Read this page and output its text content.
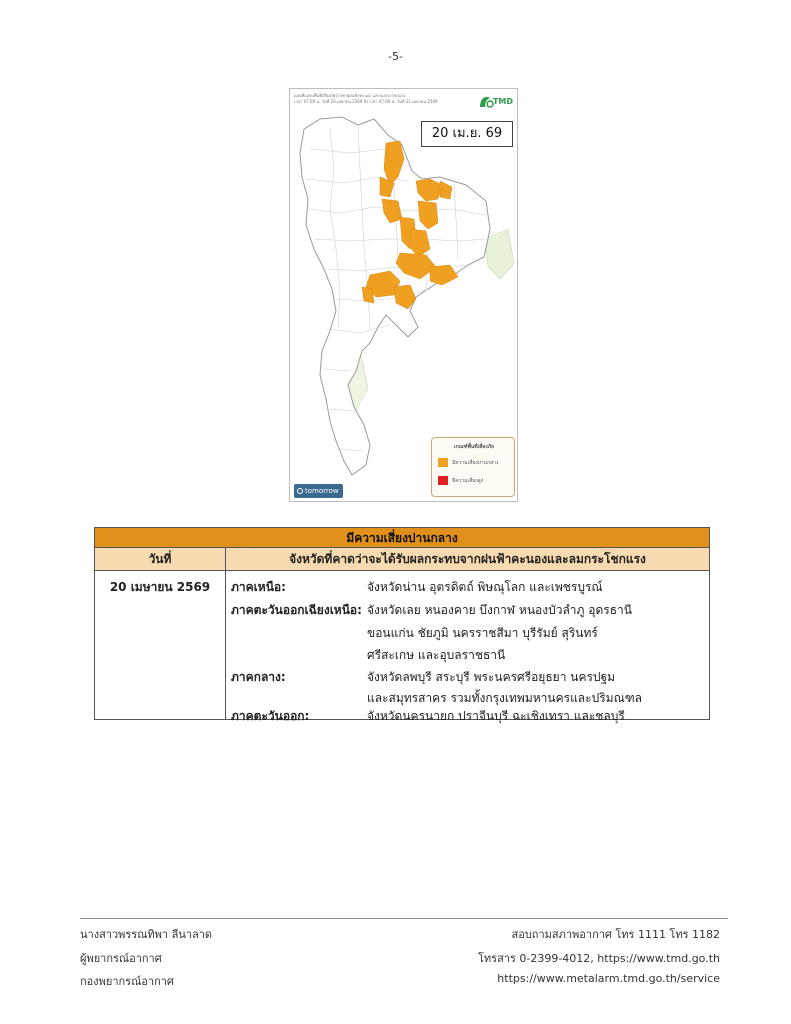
-5-
แผนที่แสดงพื้นที่เสี่ยงภัยจากพายุฝนฟ้าคะนอง และลมกระโชกแรง
เวลา 07:00 น. วันที่ 20 เมษายน 2569 ถึง เวลา 07:00 น. วันที่ 21 เมษายน 2569	TMD
20 เม.ย. 69
เกณฑ์พื้นที่เสี่ยงภัย
มีความเสี่ยงปานกลาง
มีความเสี่ยงสูง
tomorrow
มีความเสี่ยงปานกลาง
วันที่	จังหวัดที่คาดว่าจะได้รับผลกระทบจากฝนฟ้าคะนองและลมกระโชกแรง
20 เมษายน 2569	ภาคเหนือ:	จังหวัดน่าน อุตรดิตถ์ พิษณุโลก และเพชรบูรณ์
ภาคตะวันออกเฉียงเหนือ: จังหวัดเลย หนองคาย บึงกาฬ หนองบัวลำภู อุดรธานี
ขอนแก่น ชัยภูมิ นครราชสีมา บุรีรัมย์ สุรินทร์
ศรีสะเกษ และอุบลราชธานี
ภาคกลาง:	จังหวัดลพบุรี สระบุรี พระนครศรีอยุธยา นครปฐม
และสมุทรสาคร รวมทั้งกรุงเทพมหานครและปริมณฑล
ภาคตะวันออก:	จังหวัดนครนายก ปราจีนบุรี ฉะเชิงเทรา และชลบุรี
นางสาวพรรณทิพา ลีนาลาด
ผู้พยากรณ์อากาศ
กองพยากรณ์อากาศ
สอบถามสภาพอากาศ โทร 1111 โทร 1182
โทรสาร 0-2399-4012, https://www.tmd.go.th
https://www.metalarm.tmd.go.th/service
